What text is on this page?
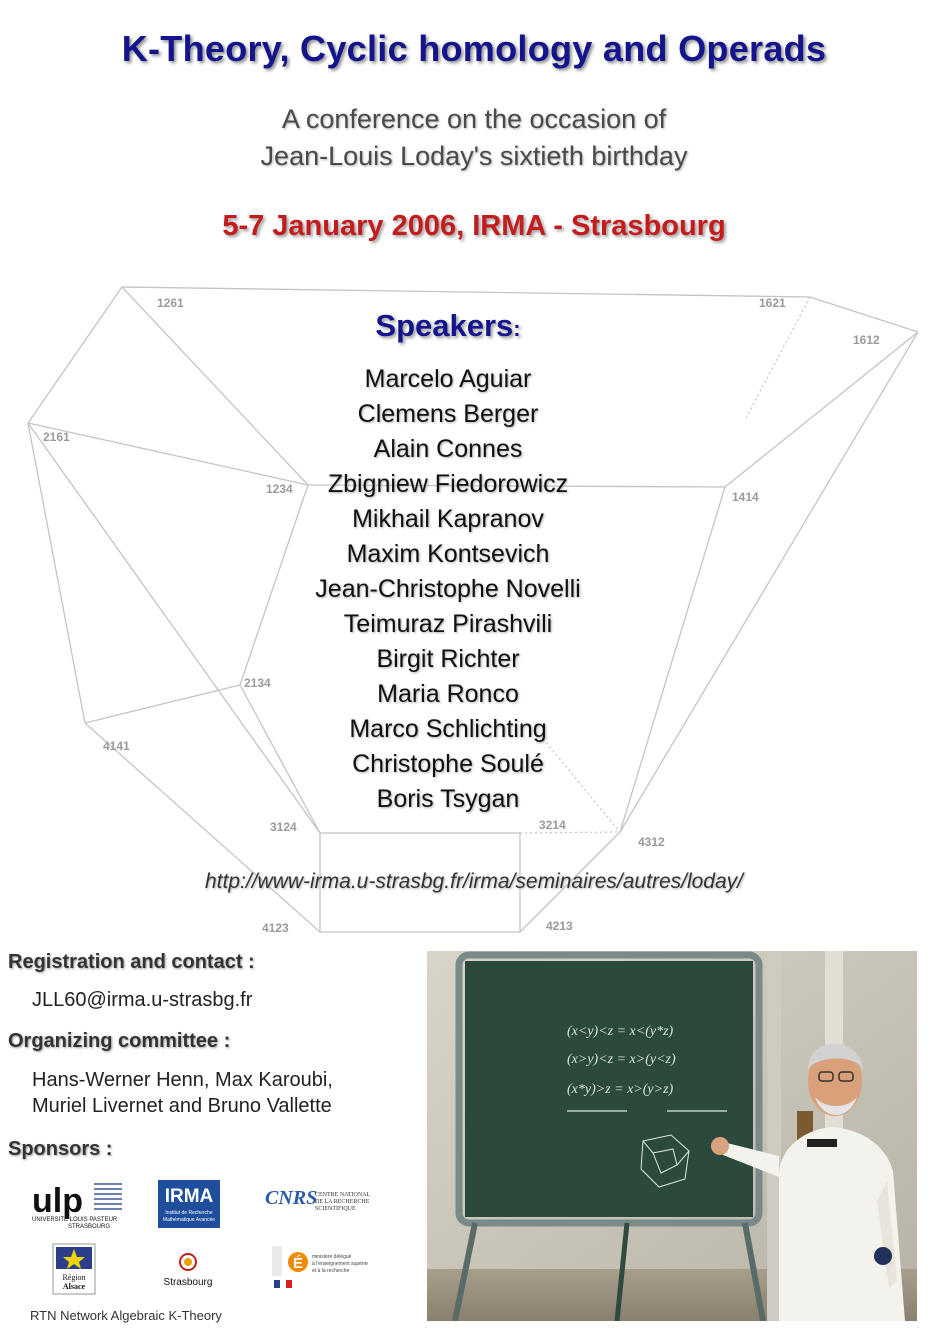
K-Theory, Cyclic homology and Operads
A conference on the occasion of
Jean-Louis Loday's sixtieth birthday
5-7 January 2006, IRMA - Strasbourg
1261	1621
1612
2161
1234
1414
2134
4141
3124	3214
4312
4123	4213
Speakers:
Marcelo Aguiar
Clemens Berger
Alain Connes
Zbigniew Fiedorowicz
Mikhail Kapranov
Maxim Kontsevich
Jean-Christophe Novelli
Teimuraz Pirashvili
Birgit Richter
Maria Ronco
Marco Schlichting
Christophe Soulé
Boris Tsygan
http://www-irma.u-strasbg.fr/irma/seminaires/autres/loday/
Registration and contact :
JLL60@irma.u-strasbg.fr
Organizing committee :
Hans-Werner Henn, Max Karoubi,
Muriel Livernet and Bruno Vallette
Sponsors :
ulp
UNIVERSITÉ LOUIS PASTEUR
STRASBOURG
IRMA
Institut de Recherche
Mathématique Avancée
CNRS
CENTRE NATIONAL
DE LA RECHERCHE
SCIENTIFIQUE
Région
Alsace	Strasbourg
É ministère délégué
à l'enseignement supérieur
et à la recherche
RTN Network Algebraic K-Theory
(x<y)<z = x<(y*z)
(x>y)<z = x>(y<z)
(x*y)>z = x>(y>z)
